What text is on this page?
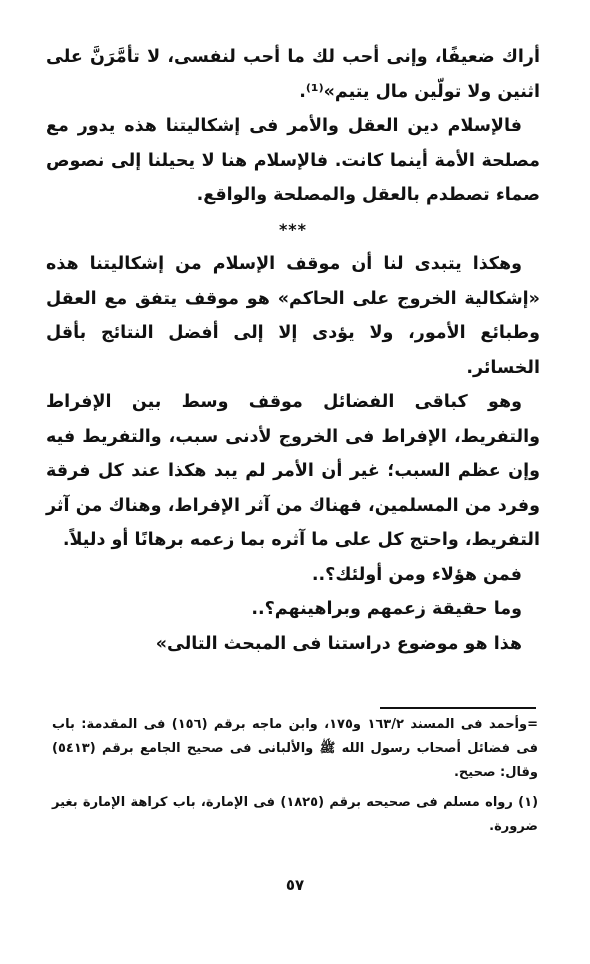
أراك ضعيفًا، وإنى أحب لك ما أحب لنفسى، لا تأمَّرَنَّ على اثنين ولا تولّين مال يتيم»⁽¹⁾.

فالإسلام دين العقل والأمر فى إشكاليتنا هذه يدور مع مصلحة الأمة أينما كانت. فالإسلام هنا لا يحيلنا إلى نصوص صماء تصطدم بالعقل والمصلحة والواقع.

***

وهكذا يتبدى لنا أن موقف الإسلام من إشكاليتنا هذه «إشكالية الخروج على الحاكم» هو موقف يتفق مع العقل وطبائع الأمور، ولا يؤدى إلا إلى أفضل النتائج بأقل الخسائر.

وهو كباقى الفضائل موقف وسط بين الإفراط والتفريط، الإفراط فى الخروج لأدنى سبب، والتفريط فيه وإن عظم السبب؛ غير أن الأمر لم يبد هكذا عند كل فرقة وفرد من المسلمين، فهناك من آثر الإفراط، وهناك من آثر التفريط، واحتج كل على ما آثره بما زعمه برهانًا أو دليلاً.

فمن هؤلاء ومن أولئك؟..

وما حقيقة زعمهم وبراهينهم؟..

هذا هو موضوع دراستنا فى المبحث التالى»

=وأحمد فى المسند ١٦٣/٢ و١٧٥، وابن ماجه برقم (١٥٦) فى المقدمة: باب فى فضائل أصحاب رسول الله ﷺ والألبانى فى صحيح الجامع برقم (٥٤١٣) وقال: صحيح.

(١) رواه مسلم فى صحيحه برقم (١٨٢٥) فى الإمارة، باب كراهة الإمارة بغير ضرورة.

٥٧
